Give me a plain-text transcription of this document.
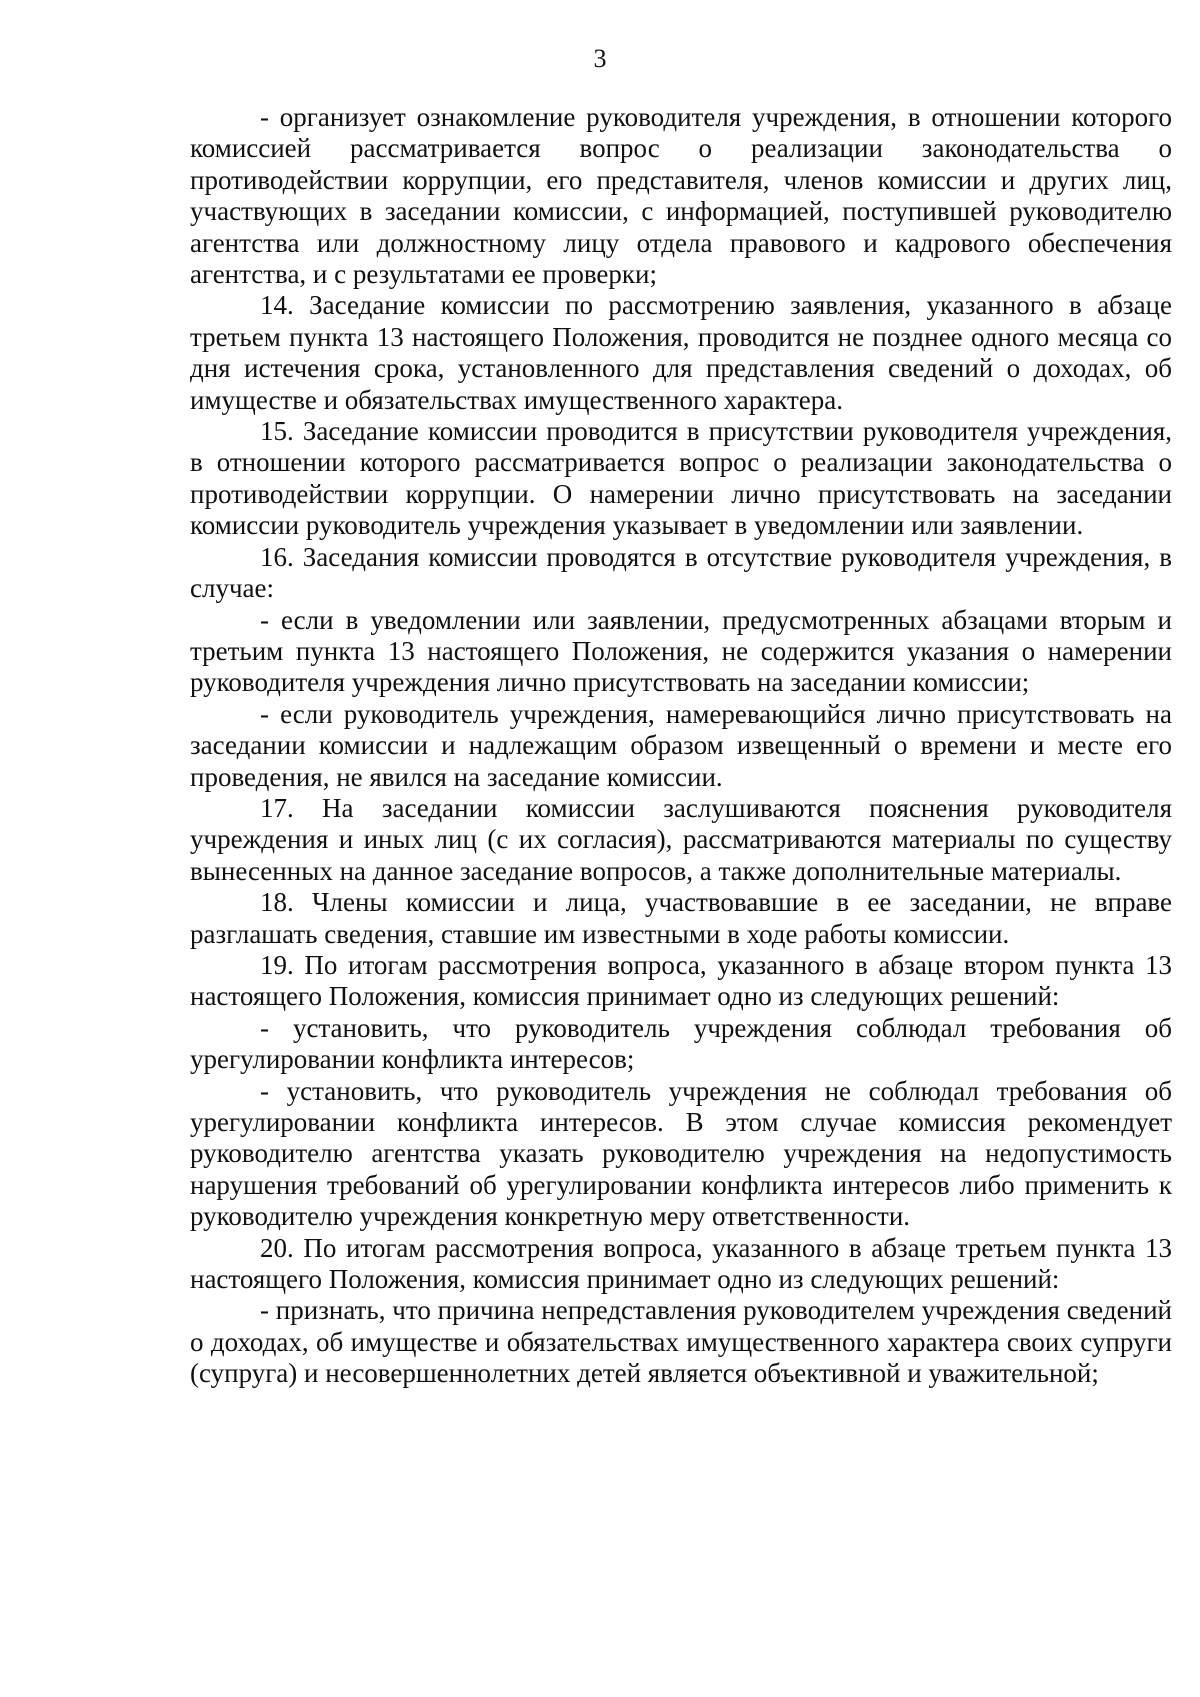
3

- организует ознакомление руководителя учреждения, в отношении которого комиссией рассматривается вопрос о реализации законодательства о противодействии коррупции, его представителя, членов комиссии и других лиц, участвующих в заседании комиссии, с информацией, поступившей руководителю агентства или должностному лицу отдела правового и кадрового обеспечения агентства, и с результатами ее проверки;

14. Заседание комиссии по рассмотрению заявления, указанного в абзаце третьем пункта 13 настоящего Положения, проводится не позднее одного месяца со дня истечения срока, установленного для представления сведений о доходах, об имуществе и обязательствах имущественного характера.

15. Заседание комиссии проводится в присутствии руководителя учреждения, в отношении которого рассматривается вопрос о реализации законодательства о противодействии коррупции. О намерении лично присутствовать на заседании комиссии руководитель учреждения указывает в уведомлении или заявлении.

16. Заседания комиссии проводятся в отсутствие руководителя учреждения, в случае:

- если в уведомлении или заявлении, предусмотренных абзацами вторым и третьим пункта 13 настоящего Положения, не содержится указания о намерении руководителя учреждения лично присутствовать на заседании комиссии;

- если руководитель учреждения, намеревающийся лично присутствовать на заседании комиссии и надлежащим образом извещенный о времени и месте его проведения, не явился на заседание комиссии.

17. На заседании комиссии заслушиваются пояснения руководителя учреждения и иных лиц (с их согласия), рассматриваются материалы по существу вынесенных на данное заседание вопросов, а также дополнительные материалы.

18. Члены комиссии и лица, участвовавшие в ее заседании, не вправе разглашать сведения, ставшие им известными в ходе работы комиссии.

19. По итогам рассмотрения вопроса, указанного в абзаце втором пункта 13 настоящего Положения, комиссия принимает одно из следующих решений:

- установить, что руководитель учреждения соблюдал требования об урегулировании конфликта интересов;

- установить, что руководитель учреждения не соблюдал требования об урегулировании конфликта интересов. В этом случае комиссия рекомендует руководителю агентства указать руководителю учреждения на недопустимость нарушения требований об урегулировании конфликта интересов либо применить к руководителю учреждения конкретную меру ответственности.

20. По итогам рассмотрения вопроса, указанного в абзаце третьем пункта 13 настоящего Положения, комиссия принимает одно из следующих решений:

- признать, что причина непредставления руководителем учреждения сведений о доходах, об имуществе и обязательствах имущественного характера своих супруги (супруга) и несовершеннолетних детей является объективной и уважительной;
